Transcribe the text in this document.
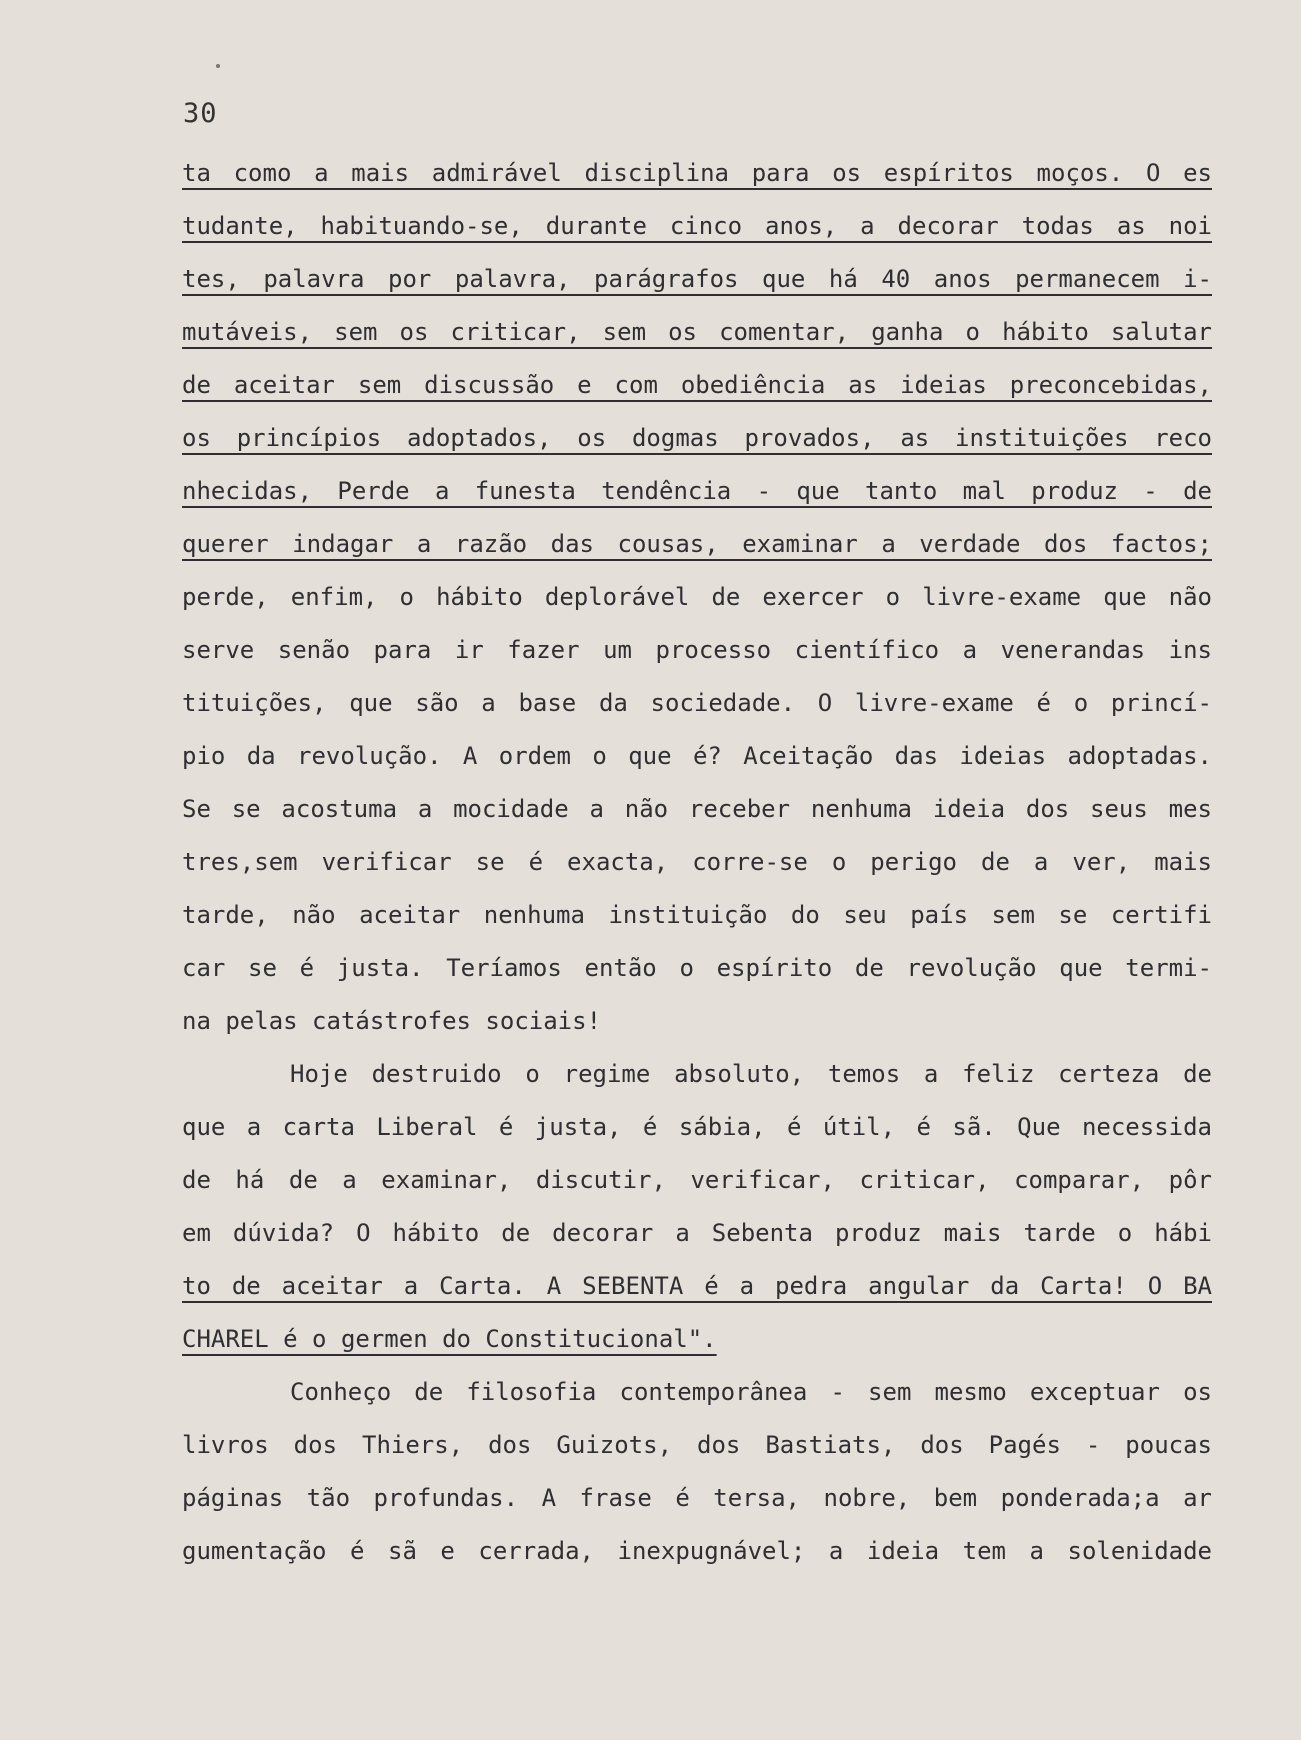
30
ta como a mais admirável disciplina para os espíritos moços. O es
tudante, habituando-se, durante cinco anos, a decorar todas as noi
tes, palavra por palavra, parágrafos que há 40 anos permanecem i-
mutáveis, sem os criticar, sem os comentar, ganha o hábito salutar
de aceitar sem discussão e com obediência as ideias preconcebidas,
os princípios adoptados, os dogmas provados, as instituições reco
nhecidas, Perde a funesta tendência - que tanto mal produz - de
querer indagar a razão das cousas, examinar a verdade dos factos;
perde, enfim, o hábito deplorável de exercer o livre-exame que não
serve senão para ir fazer um processo científico a venerandas ins
tituições, que são a base da sociedade. O livre-exame é o princí-
pio da revolução. A ordem o que é? Aceitação das ideias adoptadas.
Se se acostuma a mocidade a não receber nenhuma ideia dos seus mes
tres,sem verificar se é exacta, corre-se o perigo de a ver, mais
tarde, não aceitar nenhuma instituição do seu país sem se certifi
car se é justa. Teríamos então o espírito de revolução que termi-
na pelas catástrofes sociais!
Hoje destruido o regime absoluto, temos a feliz certeza de
que a carta Liberal é justa, é sábia, é útil, é sã. Que necessida
de há de a examinar, discutir, verificar, criticar, comparar, pôr
em dúvida? O hábito de decorar a Sebenta produz mais tarde o hábi
to de aceitar a Carta. A SEBENTA é a pedra angular da Carta! O BA
CHAREL é o germen do Constitucional".
Conheço de filosofia contemporânea - sem mesmo exceptuar os
livros dos Thiers, dos Guizots, dos Bastiats, dos Pagés - poucas
páginas tão profundas. A frase é tersa, nobre, bem ponderada;a ar
gumentação é sã e cerrada, inexpugnável; a ideia tem a solenidade
